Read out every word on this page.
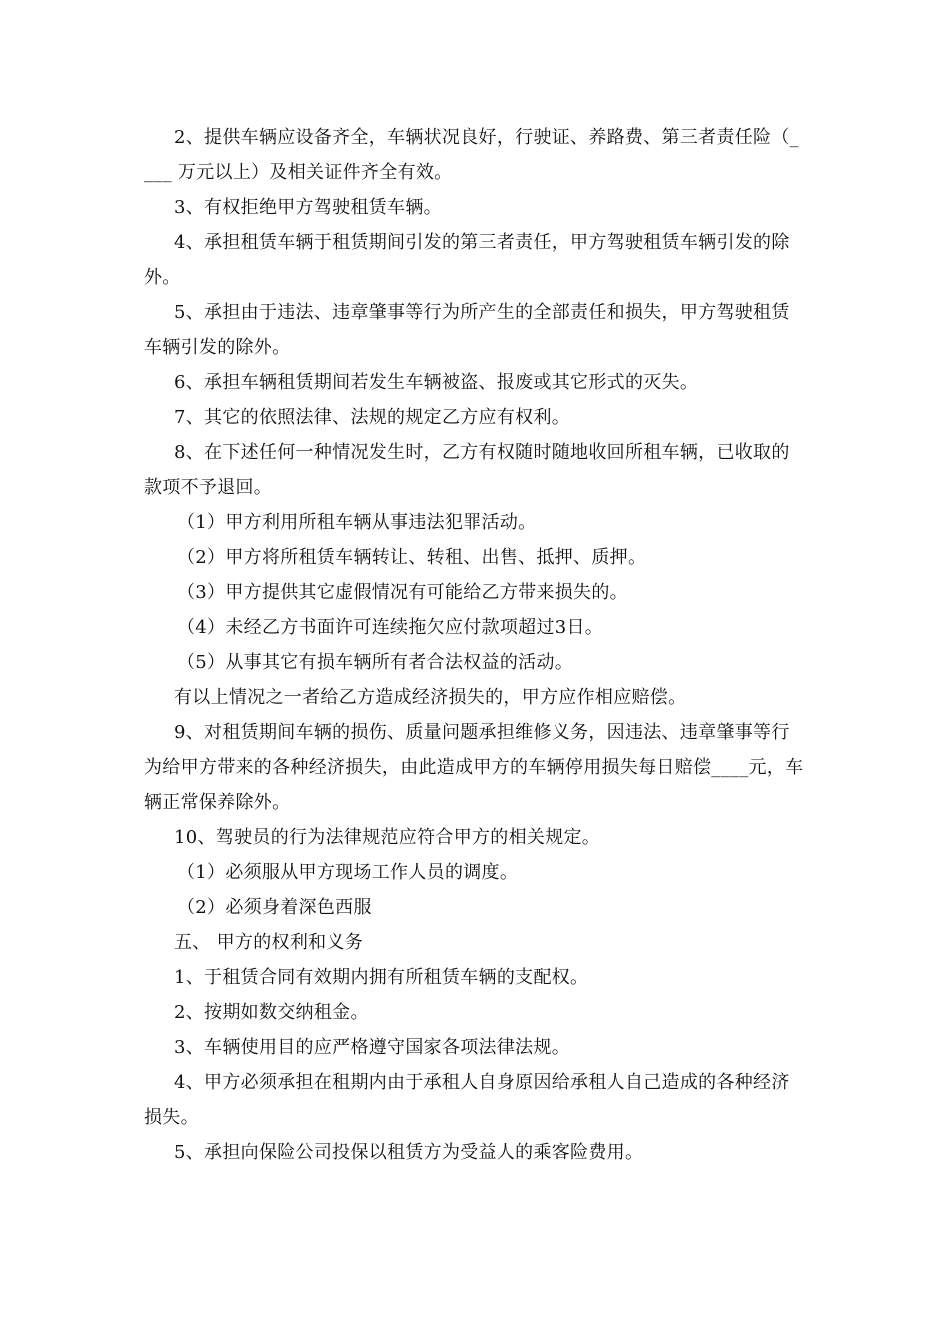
2、提供车辆应设备齐全，车辆状况良好，行驶证、养路费、第三者责任险（____ 万元以上）及相关证件齐全有效。

3、有权拒绝甲方驾驶租赁车辆。

4、承担租赁车辆于租赁期间引发的第三者责任，甲方驾驶租赁车辆引发的除外。

5、承担由于违法、违章肇事等行为所产生的全部责任和损失，甲方驾驶租赁车辆引发的除外。

6、承担车辆租赁期间若发生车辆被盗、报废或其它形式的灭失。

7、其它的依照法律、法规的规定乙方应有权利。

8、在下述任何一种情况发生时，乙方有权随时随地收回所租车辆，已收取的款项不予退回。

（1）甲方利用所租车辆从事违法犯罪活动。

（2）甲方将所租赁车辆转让、转租、出售、抵押、质押。

（3）甲方提供其它虚假情况有可能给乙方带来损失的。

（4）未经乙方书面许可连续拖欠应付款项超过3日。

（5）从事其它有损车辆所有者合法权益的活动。

有以上情况之一者给乙方造成经济损失的，甲方应作相应赔偿。

9、对租赁期间车辆的损伤、质量问题承担维修义务，因违法、违章肇事等行为给甲方带来的各种经济损失，由此造成甲方的车辆停用损失每日赔偿____元，车辆正常保养除外。

10、驾驶员的行为法律规范应符合甲方的相关规定。

（1）必须服从甲方现场工作人员的调度。

（2）必须身着深色西服

五、 甲方的权利和义务

1、于租赁合同有效期内拥有所租赁车辆的支配权。

2、按期如数交纳租金。

3、车辆使用目的应严格遵守国家各项法律法规。

4、甲方必须承担在租期内由于承租人自身原因给承租人自己造成的各种经济损失。

5、承担向保险公司投保以租赁方为受益人的乘客险费用。
